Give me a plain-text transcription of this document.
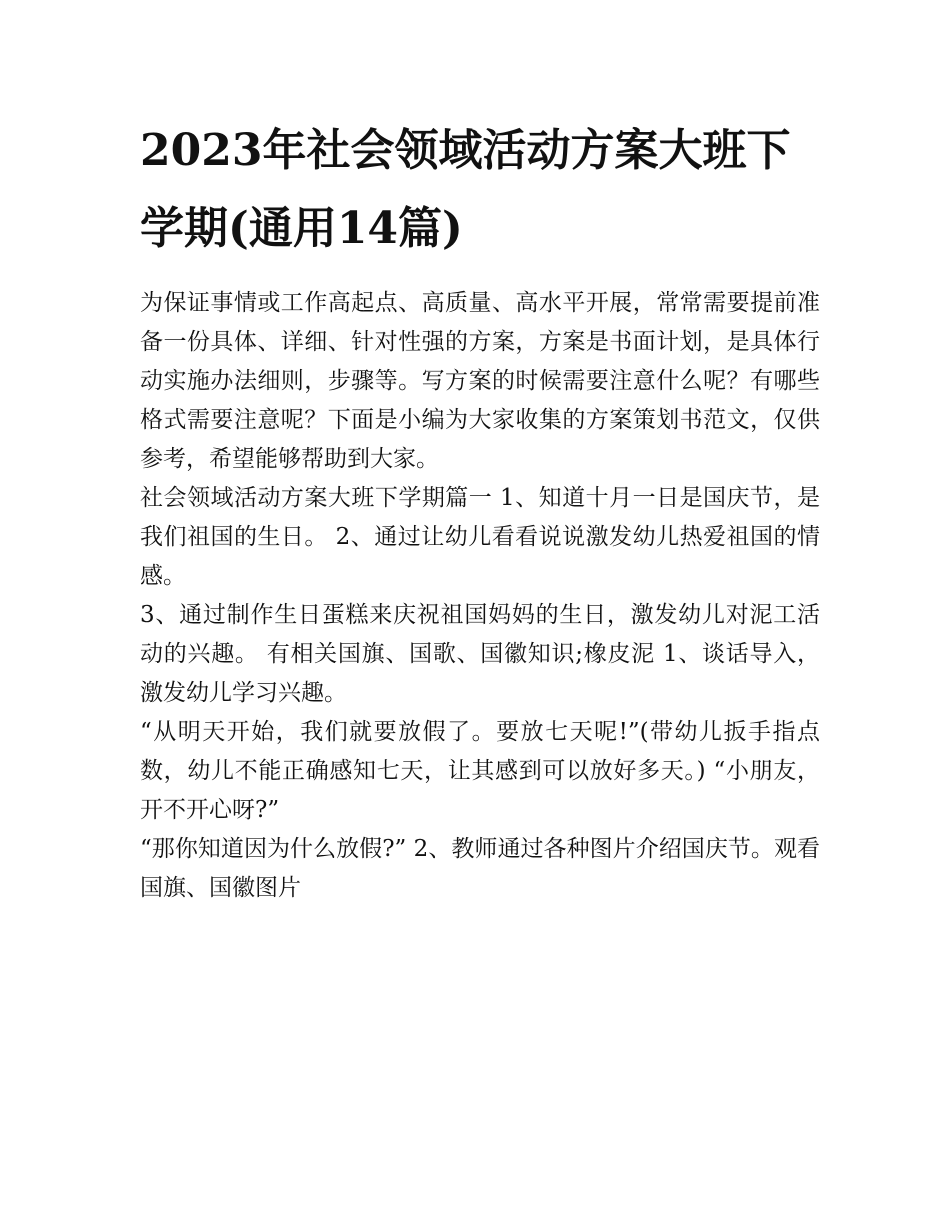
2023年社会领域活动方案大班下学期(通用14篇)

为保证事情或工作高起点、高质量、高水平开展，常常需要提前准备一份具体、详细、针对性强的方案，方案是书面计划，是具体行动实施办法细则，步骤等。写方案的时候需要注意什么呢？有哪些格式需要注意呢？下面是小编为大家收集的方案策划书范文，仅供参考，希望能够帮助到大家。

社会领域活动方案大班下学期篇一 1、知道十月一日是国庆节，是我们祖国的生日。 2、通过让幼儿看看说说激发幼儿热爱祖国的情感。

3、通过制作生日蛋糕来庆祝祖国妈妈的生日，激发幼儿对泥工活动的兴趣。 有相关国旗、国歌、国徽知识;橡皮泥 1、谈话导入，激发幼儿学习兴趣。

“从明天开始，我们就要放假了。要放七天呢!”(带幼儿扳手指点数，幼儿不能正确感知七天，让其感到可以放好多天。) “小朋友，开不开心呀?”

“那你知道因为什么放假?” 2、教师通过各种图片介绍国庆节。观看国旗、国徽图片
